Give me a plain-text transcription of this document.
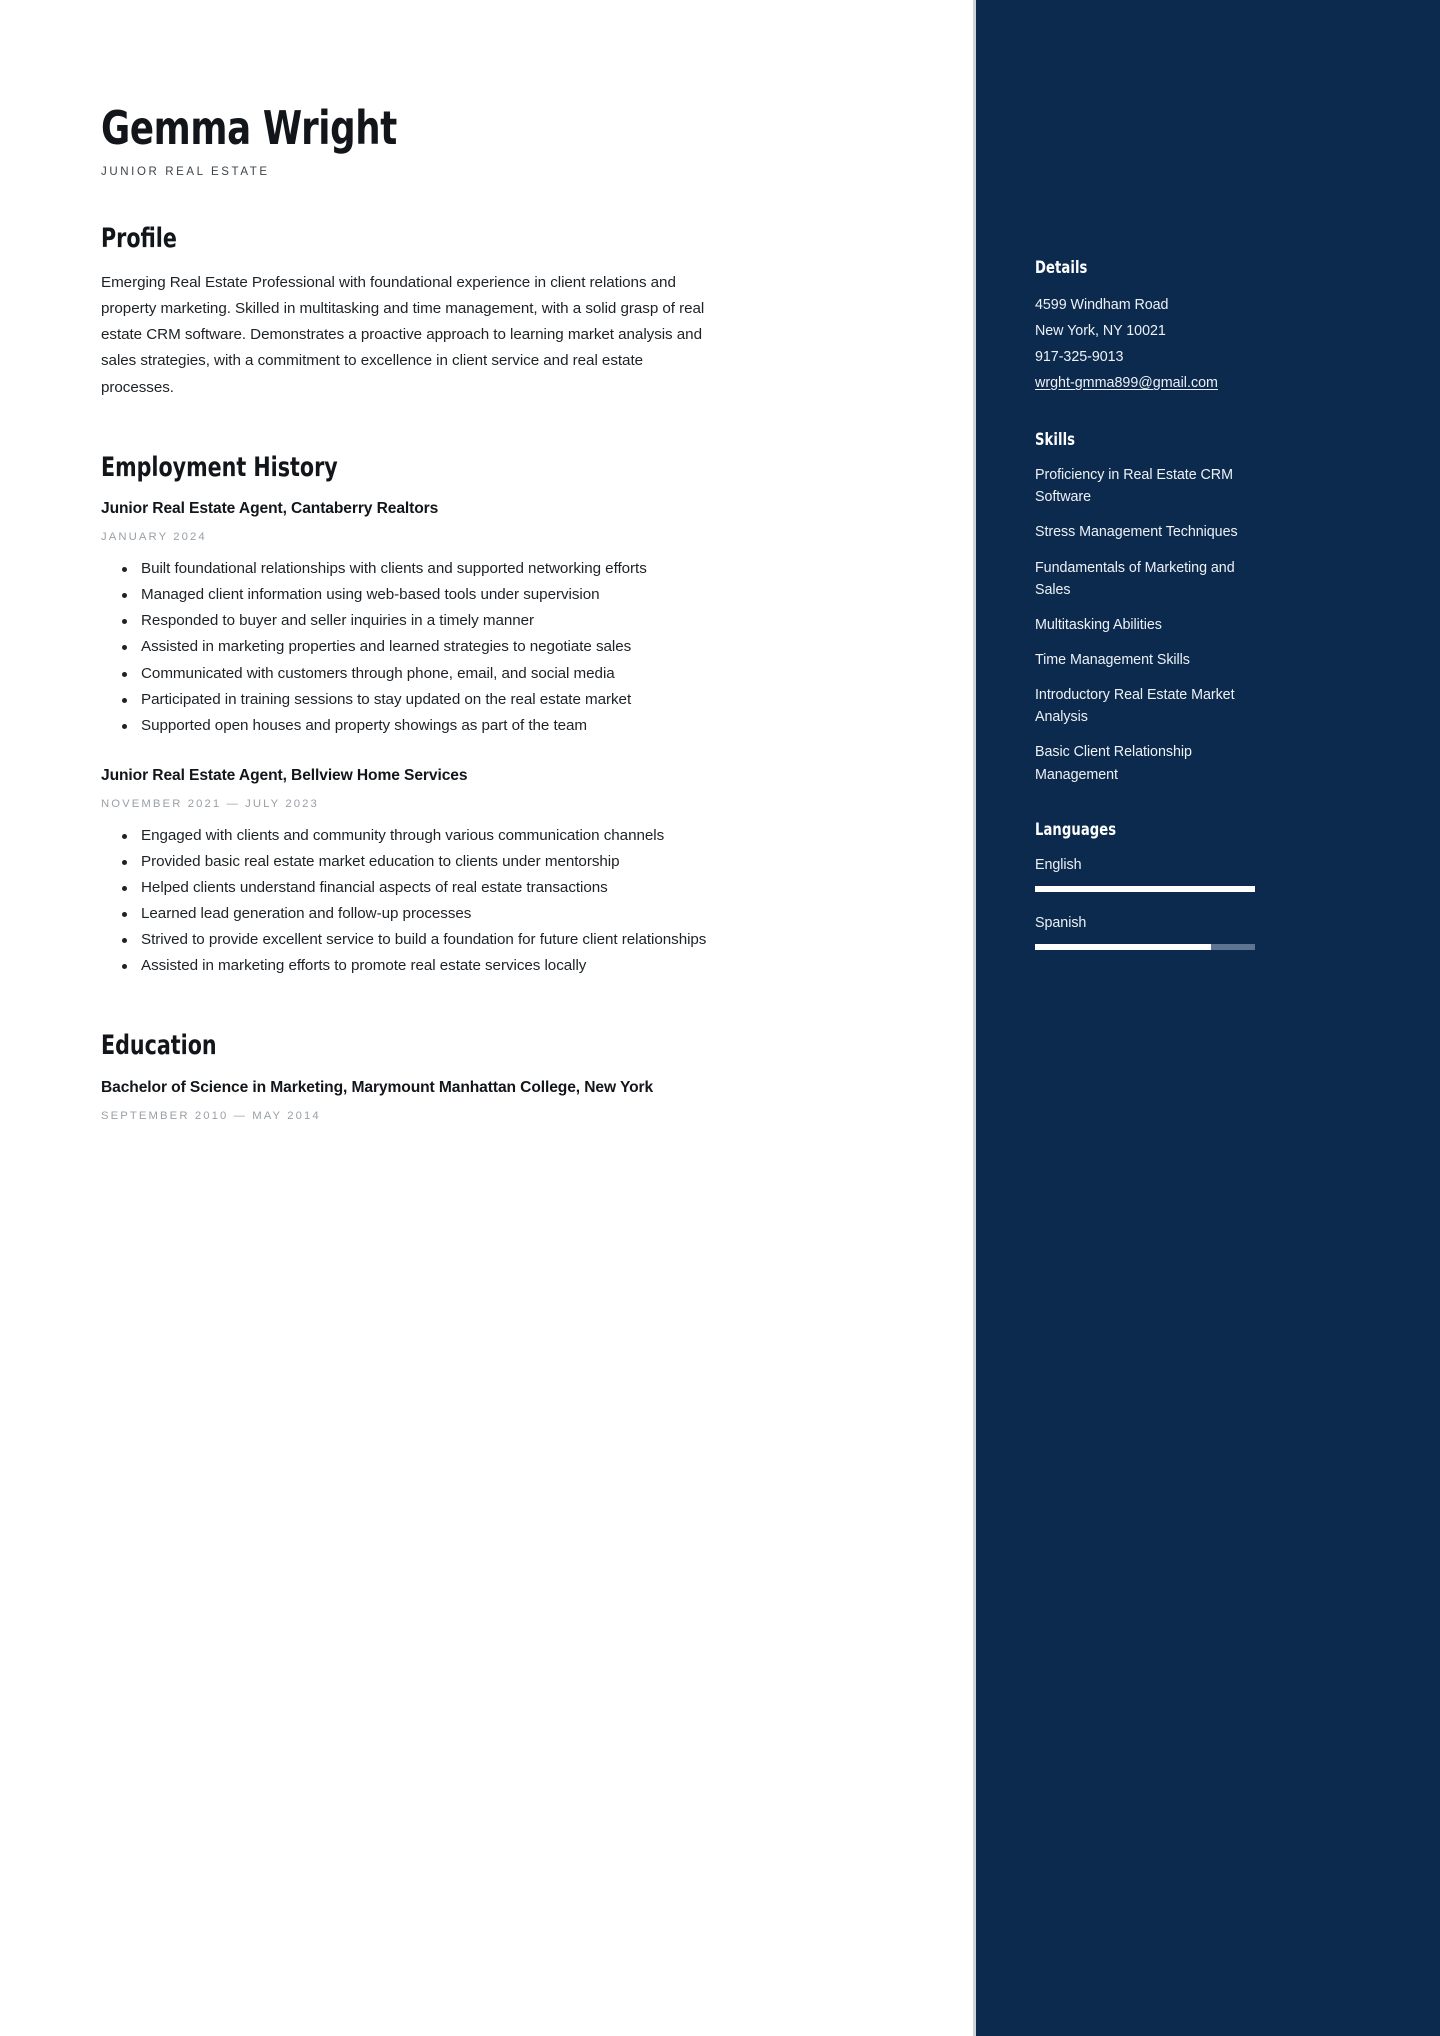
Gemma Wright
JUNIOR REAL ESTATE
Profile

Emerging Real Estate Professional with foundational experience in client relations and property marketing. Skilled in multitasking and time management, with a solid grasp of real estate CRM software. Demonstrates a proactive approach to learning market analysis and sales strategies, with a commitment to excellence in client service and real estate processes.

Employment History
Junior Real Estate Agent, Cantaberry Realtors
JANUARY 2024
Built foundational relationships with clients and supported networking efforts
Managed client information using web-based tools under supervision
Responded to buyer and seller inquiries in a timely manner
Assisted in marketing properties and learned strategies to negotiate sales
Communicated with customers through phone, email, and social media
Participated in training sessions to stay updated on the real estate market
Supported open houses and property showings as part of the team
Junior Real Estate Agent, Bellview Home Services
NOVEMBER 2021 — JULY 2023
Engaged with clients and community through various communication channels
Provided basic real estate market education to clients under mentorship
Helped clients understand financial aspects of real estate transactions
Learned lead generation and follow-up processes
Strived to provide excellent service to build a foundation for future client relationships
Assisted in marketing efforts to promote real estate services locally
Education
Bachelor of Science in Marketing, Marymount Manhattan College, New York
SEPTEMBER 2010 — MAY 2014
Details
4599 Windham Road
New York, NY 10021
917-325-9013
wrght-gmma899@gmail.com
Skills
Proficiency in Real Estate CRM Software
Stress Management Techniques
Fundamentals of Marketing and Sales
Multitasking Abilities
Time Management Skills
Introductory Real Estate Market Analysis
Basic Client Relationship Management
Languages
English
Spanish
